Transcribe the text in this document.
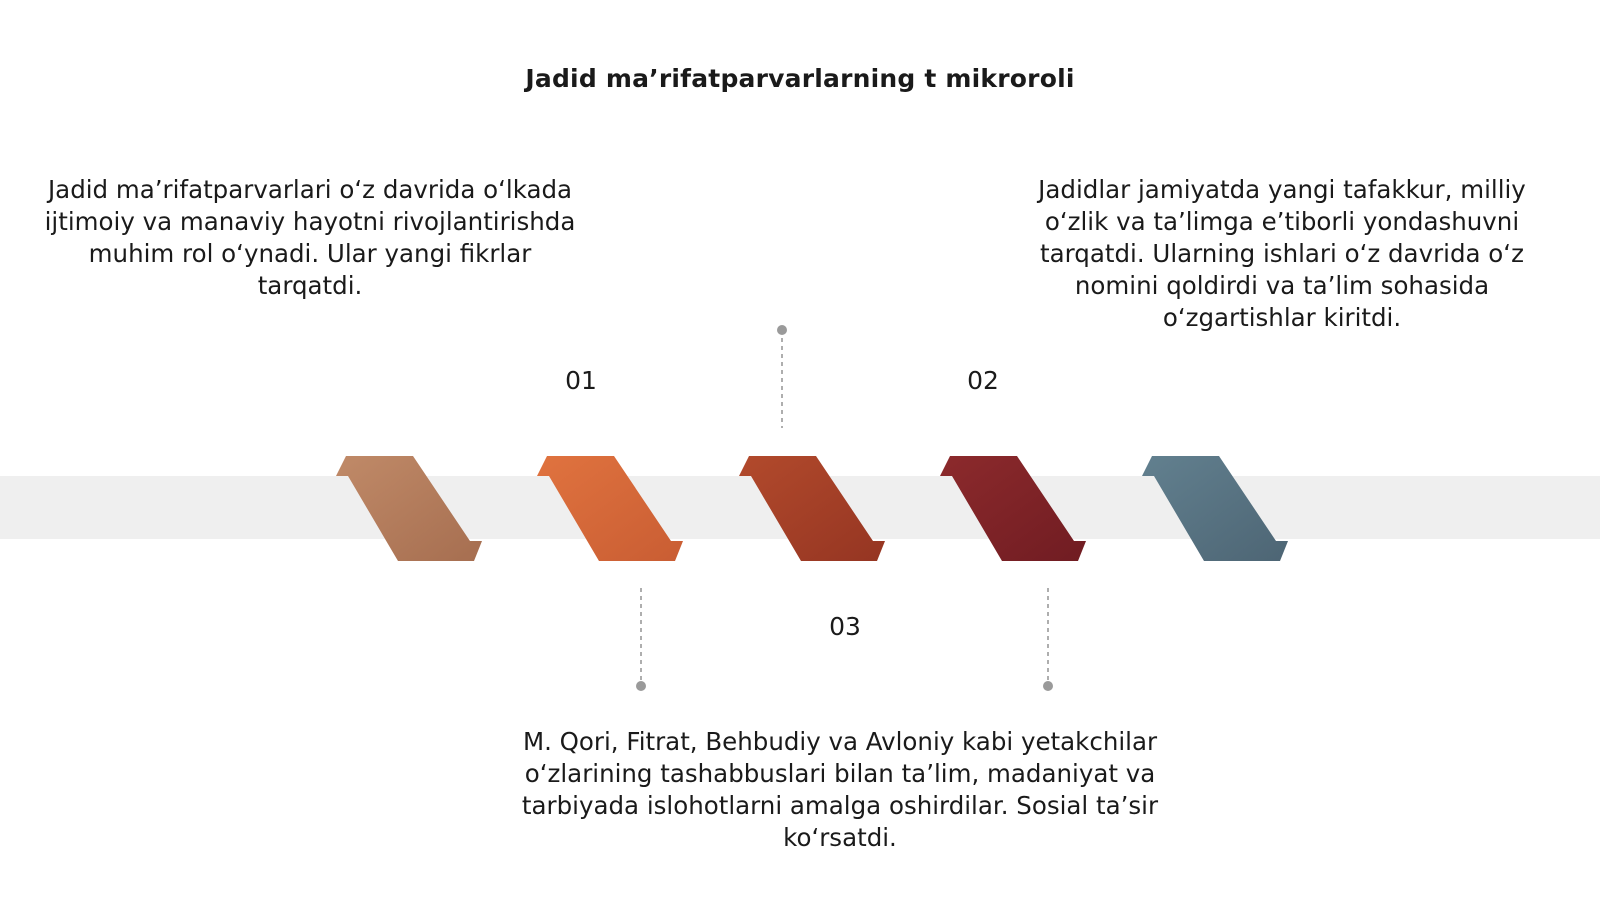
Jadid ma’rifatparvarlarning t mikroroli
Jadid ma’rifatparvarlari o‘z davrida o‘lkada ijtimoiy va manaviy hayotni rivojlantirishda muhim rol o‘ynadi. Ular yangi fikrlar tarqatdi.
Jadidlar jamiyatda yangi tafakkur, milliy o‘zlik va ta’limga e’tiborli yondashuvni tarqatdi. Ularning ishlari o‘z davrida o‘z nomini qoldirdi va ta’lim sohasida o‘zgartishlar kiritdi.
M. Qori, Fitrat, Behbudiy va Avloniy kabi yetakchilar o‘zlarining tashabbuslari bilan ta’lim, madaniyat va tarbiyada islohotlarni amalga oshirdilar. Sosial ta’sir ko‘rsatdi.
01	02
03
